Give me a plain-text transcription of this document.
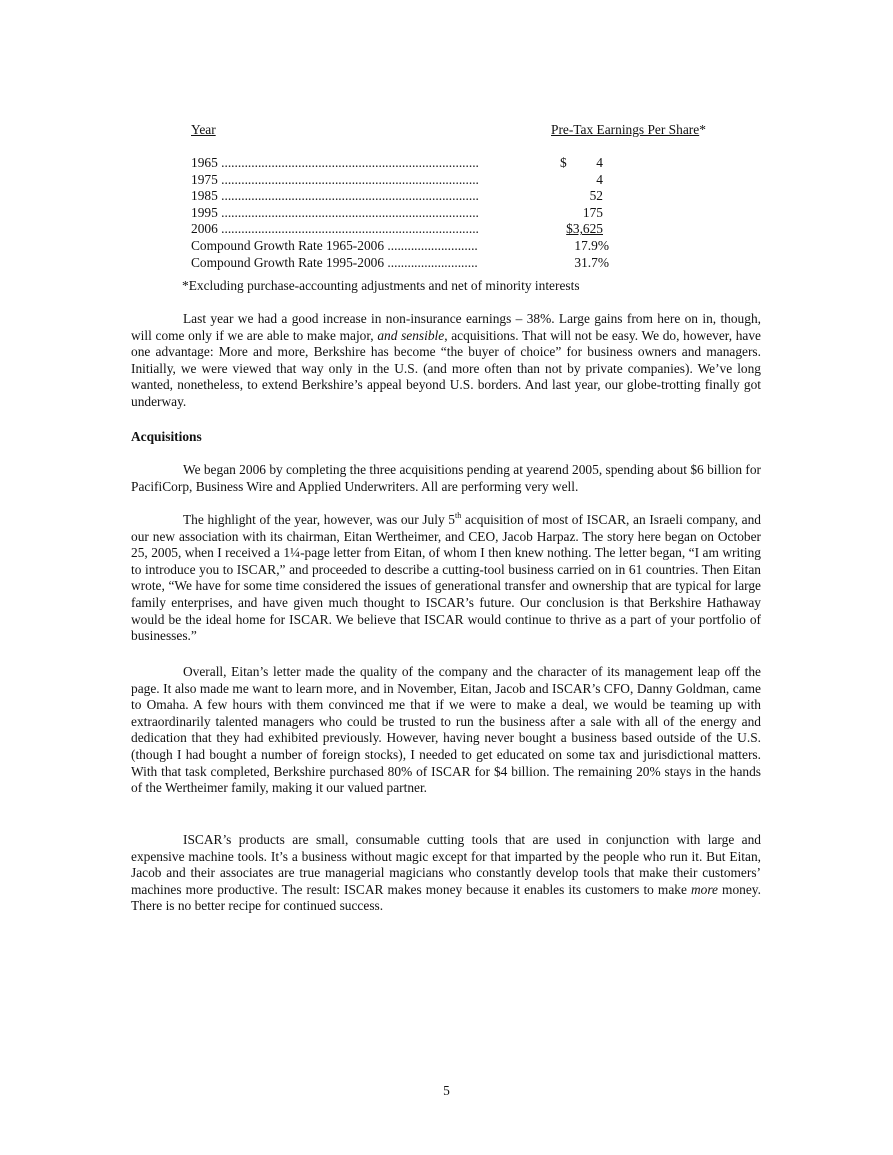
Year	Pre-Tax Earnings Per Share*
1965 .....	$ 4
1975 .....	4
1985 .....	52
1995 .....	175
2006 .....	$3,625
Compound Growth Rate 1965-2006 .....	17.9%
Compound Growth Rate 1995-2006 .....	31.7%
*Excluding purchase-accounting adjustments and net of minority interests

Last year we had a good increase in non-insurance earnings – 38%. Large gains from here on in, though, will come only if we are able to make major, and sensible, acquisitions. That will not be easy. We do, however, have one advantage: More and more, Berkshire has become “the buyer of choice” for business owners and managers. Initially, we were viewed that way only in the U.S. (and more often than not by private companies). We’ve long wanted, nonetheless, to extend Berkshire’s appeal beyond U.S. borders. And last year, our globe-trotting finally got underway.

Acquisitions

We began 2006 by completing the three acquisitions pending at yearend 2005, spending about $6 billion for PacifiCorp, Business Wire and Applied Underwriters. All are performing very well.

The highlight of the year, however, was our July 5th acquisition of most of ISCAR, an Israeli company, and our new association with its chairman, Eitan Wertheimer, and CEO, Jacob Harpaz. The story here began on October 25, 2005, when I received a 1¼-page letter from Eitan, of whom I then knew nothing. The letter began, “I am writing to introduce you to ISCAR,” and proceeded to describe a cutting-tool business carried on in 61 countries. Then Eitan wrote, “We have for some time considered the issues of generational transfer and ownership that are typical for large family enterprises, and have given much thought to ISCAR’s future. Our conclusion is that Berkshire Hathaway would be the ideal home for ISCAR. We believe that ISCAR would continue to thrive as a part of your portfolio of businesses.”

Overall, Eitan’s letter made the quality of the company and the character of its management leap off the page. It also made me want to learn more, and in November, Eitan, Jacob and ISCAR’s CFO, Danny Goldman, came to Omaha. A few hours with them convinced me that if we were to make a deal, we would be teaming up with extraordinarily talented managers who could be trusted to run the business after a sale with all of the energy and dedication that they had exhibited previously. However, having never bought a business based outside of the U.S. (though I had bought a number of foreign stocks), I needed to get educated on some tax and jurisdictional matters. With that task completed, Berkshire purchased 80% of ISCAR for $4 billion. The remaining 20% stays in the hands of the Wertheimer family, making it our valued partner.

ISCAR’s products are small, consumable cutting tools that are used in conjunction with large and expensive machine tools. It’s a business without magic except for that imparted by the people who run it. But Eitan, Jacob and their associates are true managerial magicians who constantly develop tools that make their customers’ machines more productive. The result: ISCAR makes money because it enables its customers to make more money. There is no better recipe for continued success.

5
